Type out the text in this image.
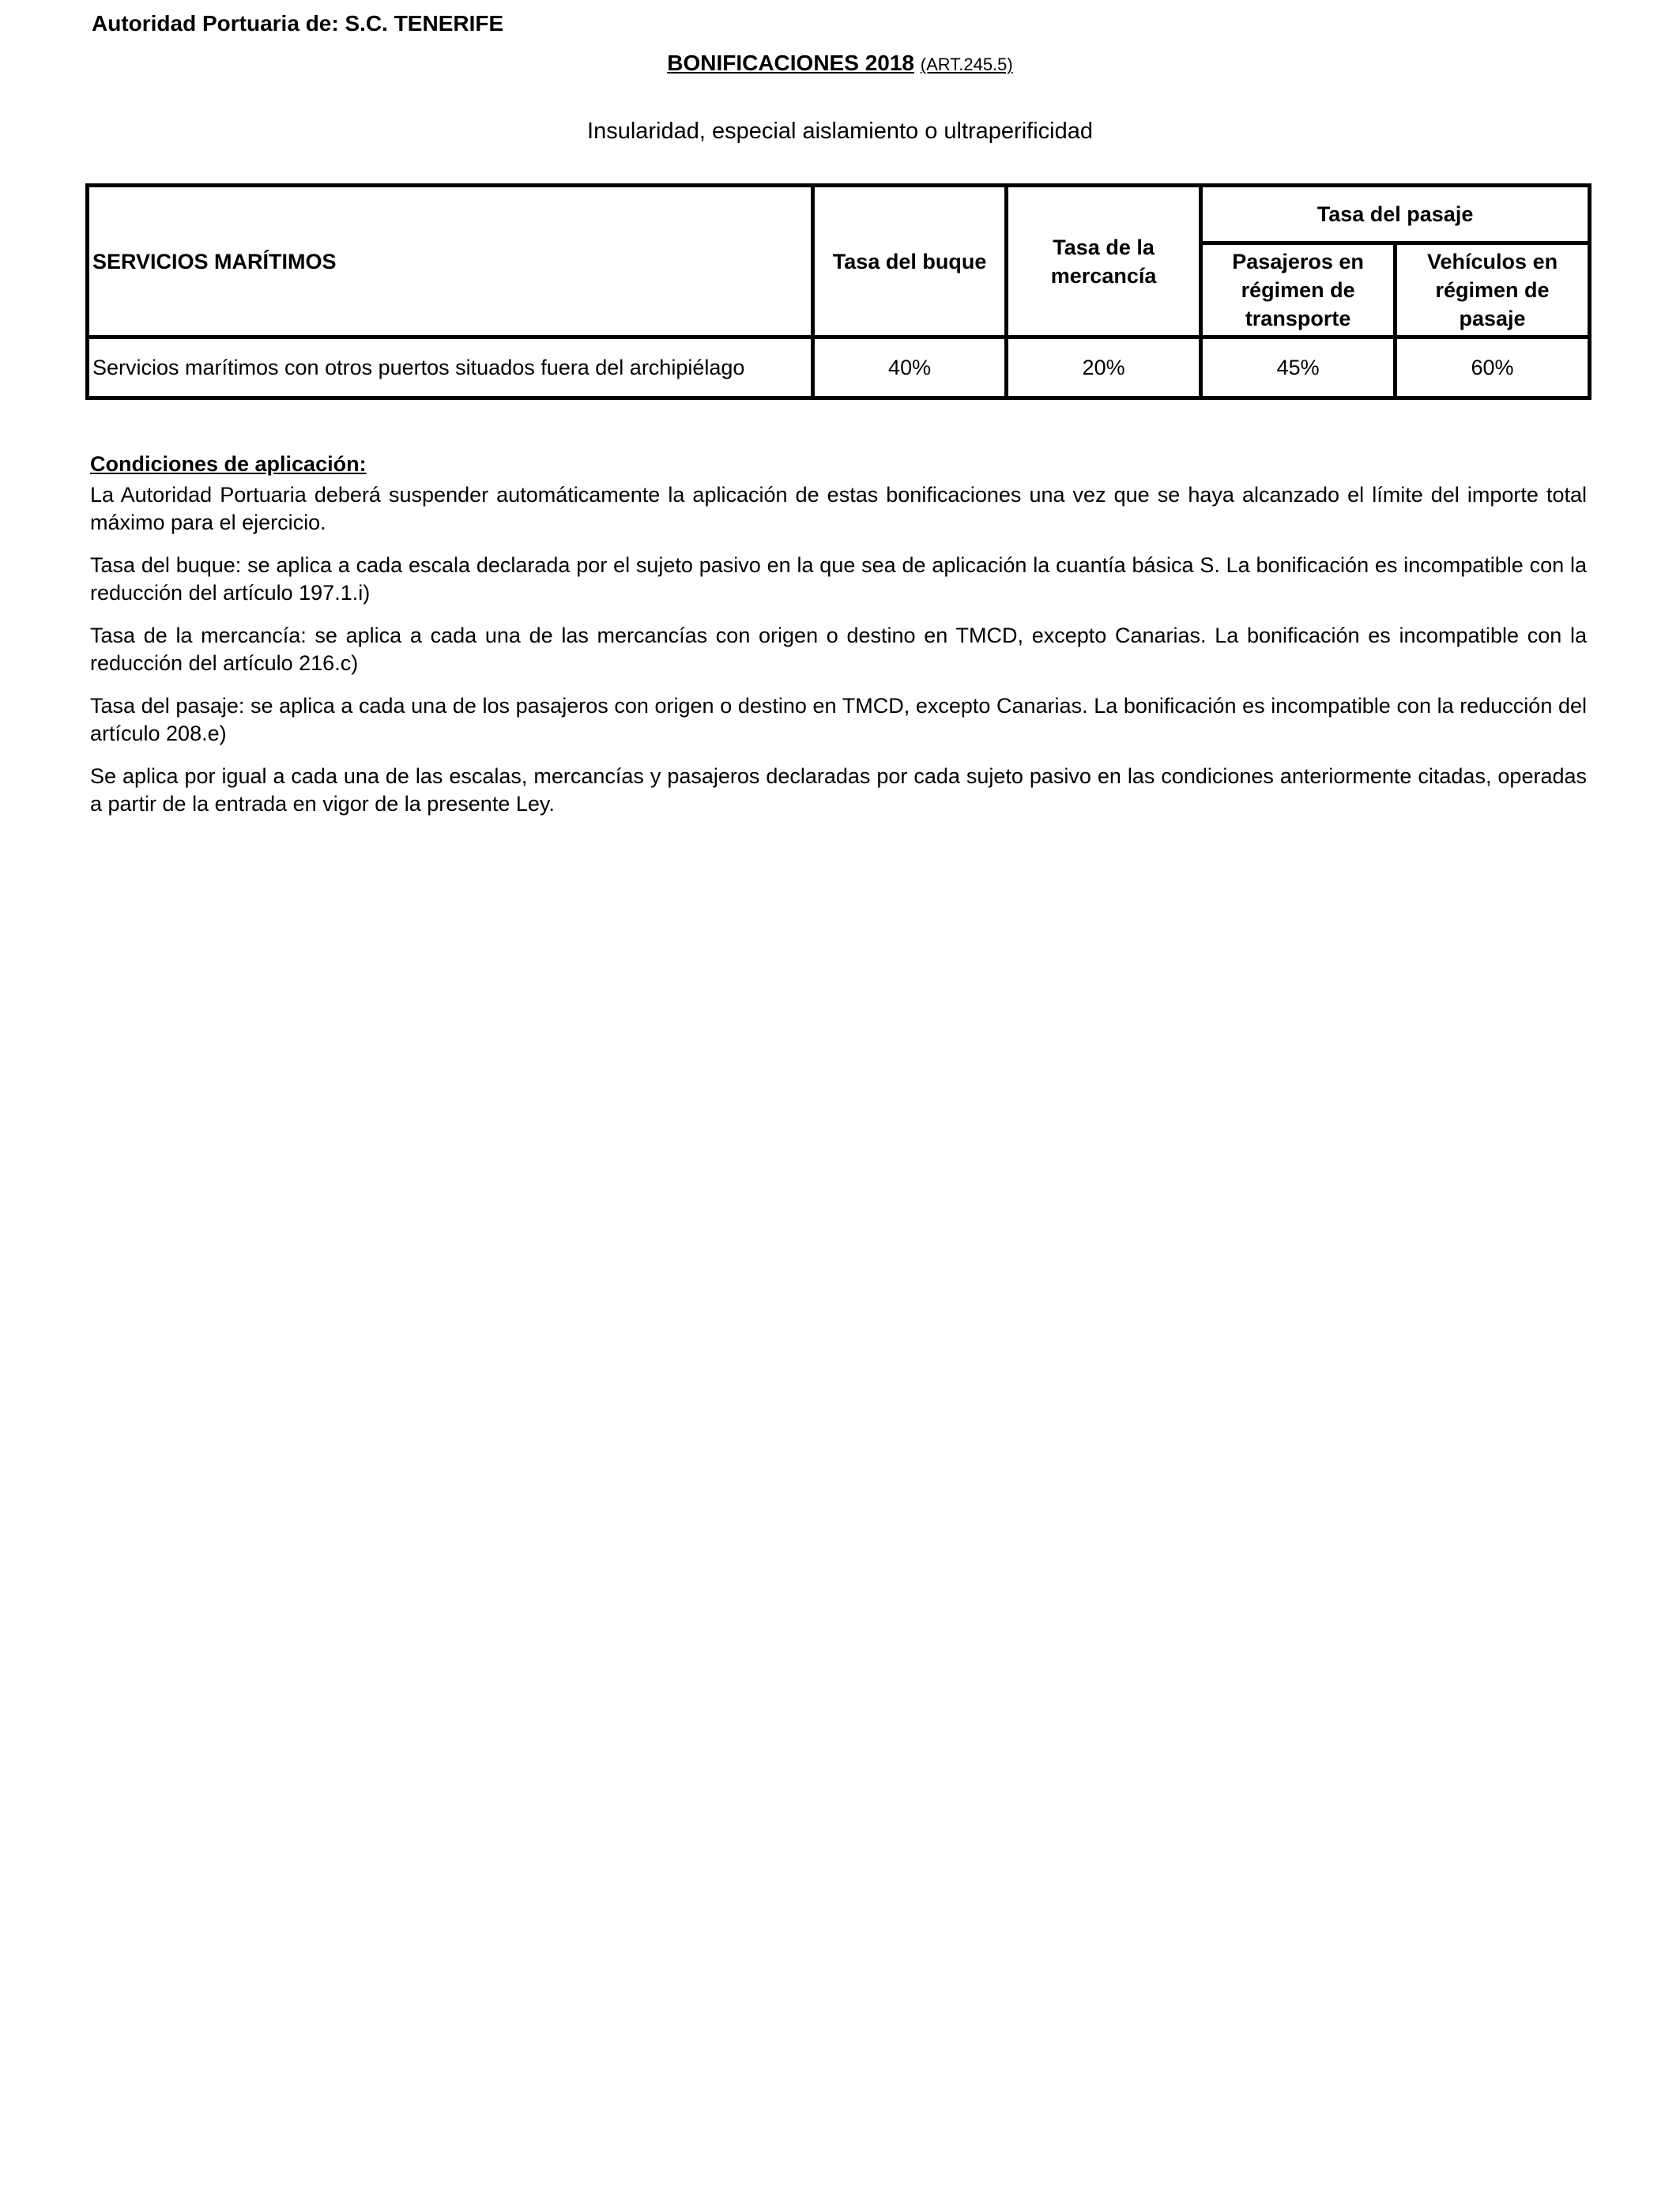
Autoridad Portuaria de: S.C. TENERIFE
BONIFICACIONES 2018 (ART.245.5)
Insularidad, especial aislamiento o ultraperificidad
SERVICIOS MARÍTIMOS	Tasa del buque	Tasa de la mercancía	Tasa del pasaje	
			Pasajeros en régimen de transporte	Vehículos en régimen de pasaje
Servicios marítimos con otros puertos situados fuera del archipiélago	40%	20%	45%	60%
Condiciones de aplicación:

La Autoridad Portuaria deberá suspender automáticamente la aplicación de estas bonificaciones una vez que se haya alcanzado el límite del importe total máximo para el ejercicio.

Tasa del buque: se aplica a cada escala declarada por el sujeto pasivo en la que sea de aplicación la cuantía básica S. La bonificación es incompatible con la reducción del artículo 197.1.i)

Tasa de la mercancía: se aplica a cada una de las mercancías con origen o destino en TMCD, excepto Canarias. La bonificación es incompatible con la reducción del artículo 216.c)

Tasa del pasaje: se aplica a cada una de los pasajeros con origen o destino en TMCD, excepto Canarias. La bonificación es incompatible con la reducción del artículo 208.e)

Se aplica por igual a cada una de las escalas, mercancías y pasajeros declaradas por cada sujeto pasivo en las condiciones anteriormente citadas, operadas a partir de la entrada en vigor de la presente Ley.
